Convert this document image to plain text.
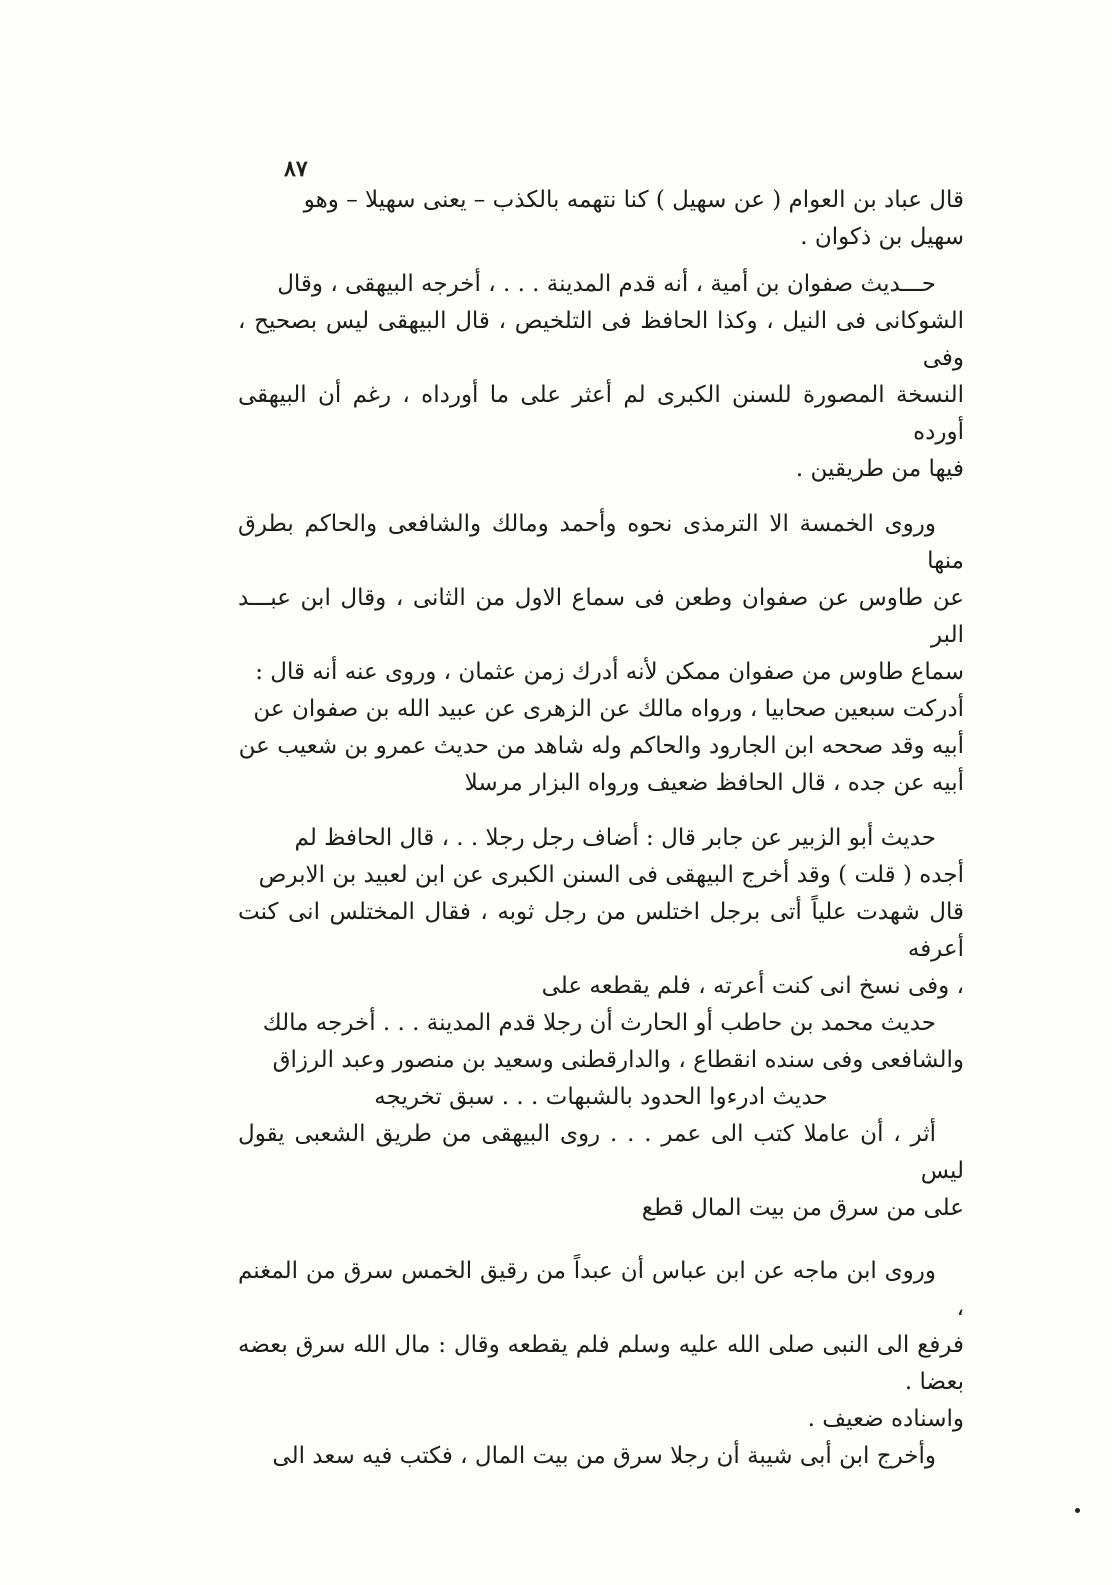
٨٧

قال عباد بن العوام ( عن سهيل ) كنا نتهمه بالكذب – يعنى سهيلا – وهو
سهيل بن ذكوان .

حـــديث صفوان بن أمية ، أنه قدم المدينة . . . ، أخرجه البيهقى ، وقال
الشوكانى فى النيل ، وكذا الحافظ فى التلخيص ، قال البيهقى ليس بصحيح ، وفى
النسخة المصورة للسنن الكبرى لم أعثر على ما أورداه ، رغم أن البيهقى أورده
فيها من طريقين .

وروى الخمسة الا الترمذى نحوه وأحمد ومالك والشافعى والحاكم بطرق منها
عن طاوس عن صفوان وطعن فى سماع الاول من الثانى ، وقال ابن عبـــد البر
سماع طاوس من صفوان ممكن لأنه أدرك زمن عثمان ، وروى عنه أنه قال :
أدركت سبعين صحابيا ، ورواه مالك عن الزهرى عن عبيد الله بن صفوان عن
أبيه وقد صححه ابن الجارود والحاكم وله شاهد من حديث عمرو بن شعيب عن
أبيه عن جده ، قال الحافظ ضعيف ورواه البزار مرسلا

حديث أبو الزبير عن جابر قال : أضاف رجل رجلا . . ، قال الحافظ لم
أجده ( قلت ) وقد أخرج البيهقى فى السنن الكبرى عن ابن لعبيد بن الابرص
قال شهدت علياً أتى برجل اختلس من رجل ثوبه ، فقال المختلس انى كنت أعرفه
، وفى نسخ انى كنت أعرته ، فلم يقطعه على

حديث محمد بن حاطب أو الحارث أن رجلا قدم المدينة . . . أخرجه مالك
والشافعى وفى سنده انقطاع ، والدارقطنى وسعيد بن منصور وعبد الرزاق

حديث ادرءوا الحدود بالشبهات . . . سبق تخريجه

أثر ، أن عاملا كتب الى عمر . . . روى البيهقى من طريق الشعبى يقول ليس
على من سرق من بيت المال قطع

وروى ابن ماجه عن ابن عباس أن عبداً من رقيق الخمس سرق من المغنم ،
فرفع الى النبى صلى الله عليه وسلم فلم يقطعه وقال : مال الله سرق بعضه بعضا .
واسناده ضعيف .

وأخرج ابن أبى شيبة أن رجلا سرق من بيت المال ، فكتب فيه سعد الى
